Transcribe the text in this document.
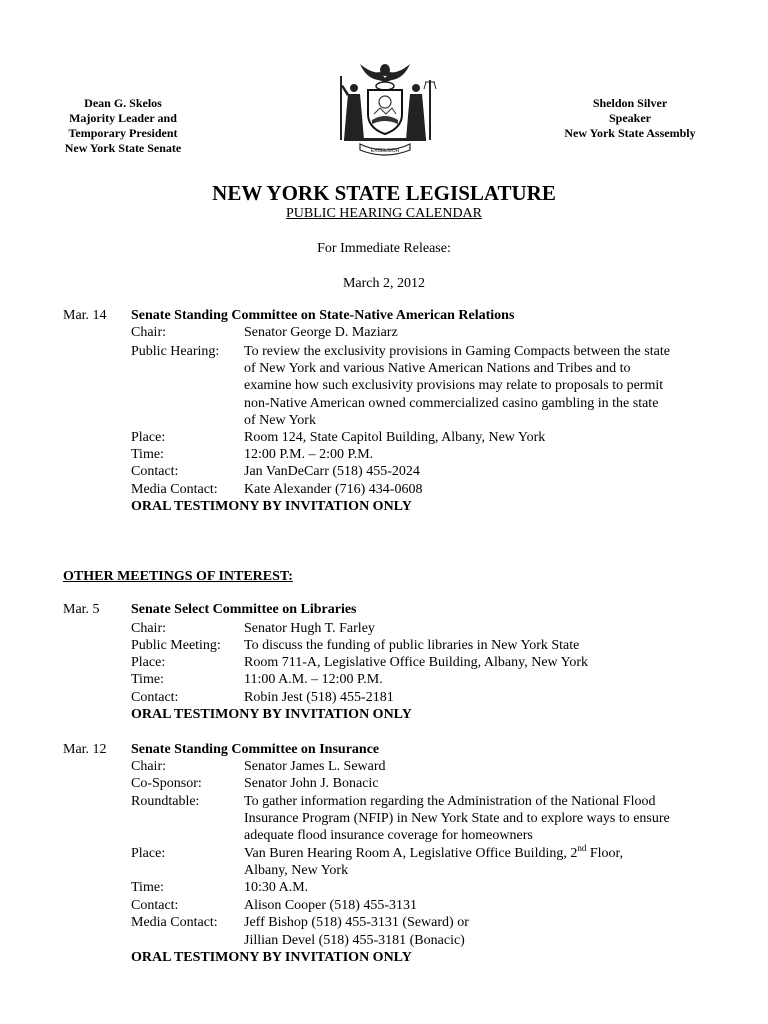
Dean G. Skelos
Majority Leader and
Temporary President
New York State Senate	EXCELSIOR
Sheldon Silver
Speaker
New York State Assembly
NEW YORK STATE LEGISLATURE
PUBLIC HEARING CALENDAR
For Immediate Release:
March 2, 2012
Mar. 14 Senate Standing Committee on State-Native American Relations
Chair:	Senator George D. Maziarz
Public Hearing: To review the exclusivity provisions in Gaming Compacts between the state
of New York and various Native American Nations and Tribes and to
examine how such exclusivity provisions may relate to proposals to permit
non-Native American owned commercialized casino gambling in the state
of New York
Place:	Room 124, State Capitol Building, Albany, New York
Time:	12:00 P.M. – 2:00 P.M.
Contact:	Jan VanDeCarr (518) 455-2024
Media Contact: Kate Alexander (716) 434-0608
ORAL TESTIMONY BY INVITATION ONLY
OTHER MEETINGS OF INTEREST:
Mar. 5 Senate Select Committee on Libraries
Chair:	Senator Hugh T. Farley
Public Meeting: To discuss the funding of public libraries in New York State
Place:	Room 711-A, Legislative Office Building, Albany, New York
Time:	11:00 A.M. – 12:00 P.M.
Contact:	Robin Jest (518) 455-2181
ORAL TESTIMONY BY INVITATION ONLY
Mar. 12 Senate Standing Committee on Insurance
Chair:	Senator James L. Seward
Co-Sponsor:	Senator John J. Bonacic
Roundtable:	To gather information regarding the Administration of the National Flood
Insurance Program (NFIP) in New York State and to explore ways to ensure
adequate flood insurance coverage for homeowners
Place:	Van Buren Hearing Room A, Legislative Office Building, 2nd Floor,
Albany, New York
Time:	10:30 A.M.
Contact:	Alison Cooper (518) 455-3131
Media Contact: Jeff Bishop (518) 455-3131 (Seward) or
Jillian Devel (518) 455-3181 (Bonacic)
ORAL TESTIMONY BY INVITATION ONLY
